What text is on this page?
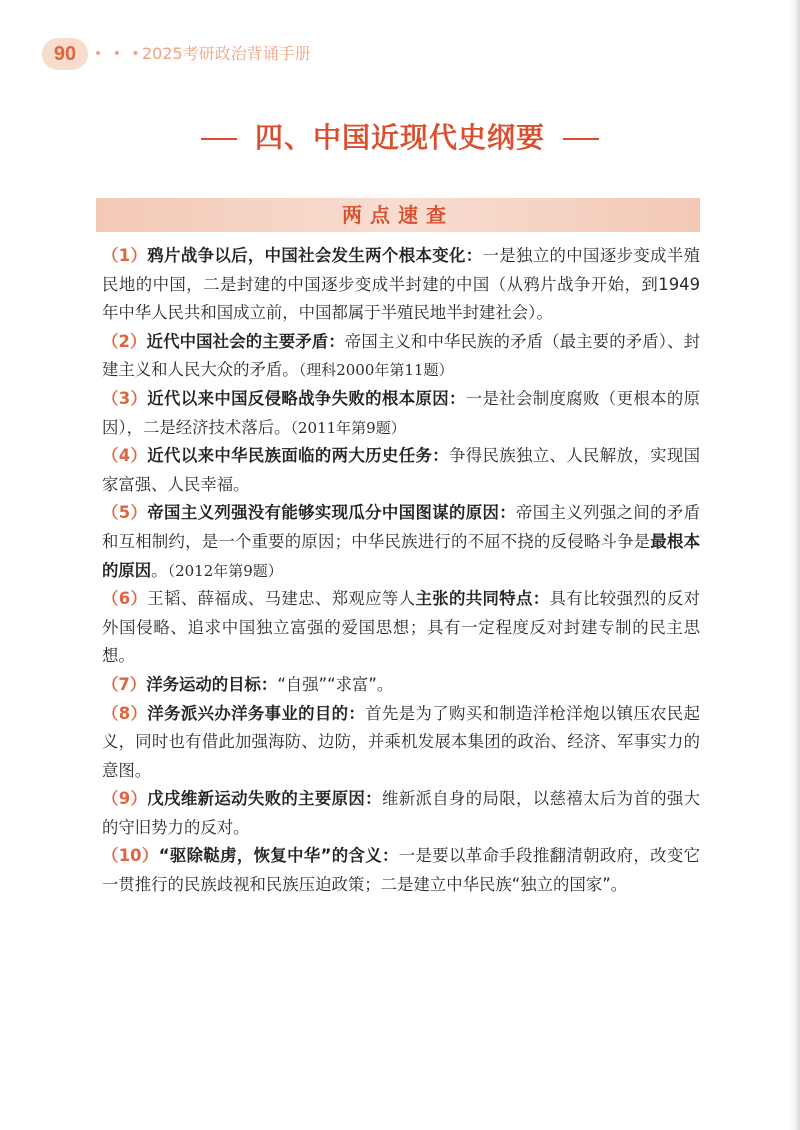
90	• • • 2025考研政治背诵手册
四、中国近现代史纲要
两点速查

（1）鸦片战争以后，中国社会发生两个根本变化：一是独立的中国逐步变成半殖民地的中国，二是封建的中国逐步变成半封建的中国（从鸦片战争开始，到1949年中华人民共和国成立前，中国都属于半殖民地半封建社会）。

（2）近代中国社会的主要矛盾：帝国主义和中华民族的矛盾（最主要的矛盾）、封建主义和人民大众的矛盾。（理科2000年第11题）

（3）近代以来中国反侵略战争失败的根本原因：一是社会制度腐败（更根本的原因），二是经济技术落后。（2011年第9题）

（4）近代以来中华民族面临的两大历史任务：争得民族独立、人民解放，实现国家富强、人民幸福。

（5）帝国主义列强没有能够实现瓜分中国图谋的原因：帝国主义列强之间的矛盾和互相制约，是一个重要的原因；中华民族进行的不屈不挠的反侵略斗争是最根本的原因。（2012年第9题）

（6）王韬、薛福成、马建忠、郑观应等人主张的共同特点：具有比较强烈的反对外国侵略、追求中国独立富强的爱国思想；具有一定程度反对封建专制的民主思想。

（7）洋务运动的目标：“自强”“求富”。

（8）洋务派兴办洋务事业的目的：首先是为了购买和制造洋枪洋炮以镇压农民起义，同时也有借此加强海防、边防，并乘机发展本集团的政治、经济、军事实力的意图。

（9）戊戌维新运动失败的主要原因：维新派自身的局限，以慈禧太后为首的强大的守旧势力的反对。

（10）“驱除鞑虏，恢复中华”的含义：一是要以革命手段推翻清朝政府，改变它一贯推行的民族歧视和民族压迫政策；二是建立中华民族“独立的国家”。
